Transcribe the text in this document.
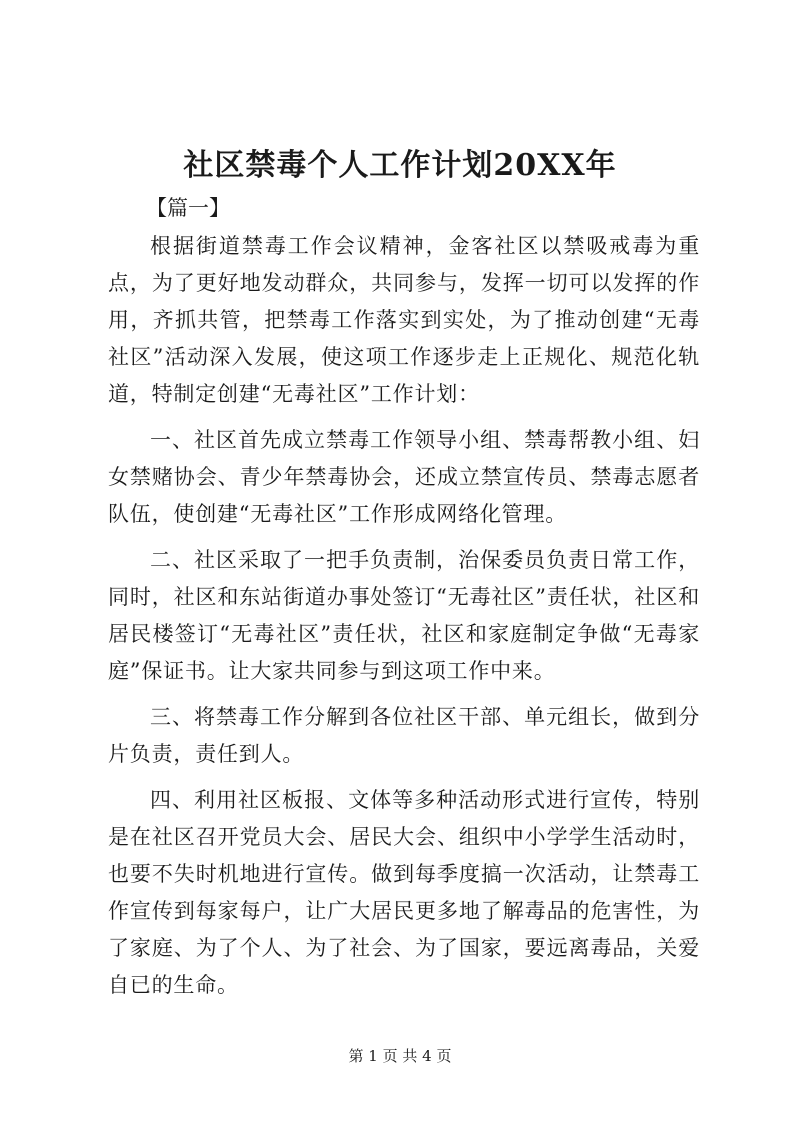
社区禁毒个人工作计划20XX年
【篇一】

根据街道禁毒工作会议精神，金客社区以禁吸戒毒为重点，为了更好地发动群众，共同参与，发挥一切可以发挥的作用，齐抓共管，把禁毒工作落实到实处，为了推动创建“无毒社区”活动深入发展，使这项工作逐步走上正规化、规范化轨道，特制定创建“无毒社区”工作计划：

一、社区首先成立禁毒工作领导小组、禁毒帮教小组、妇女禁赌协会、青少年禁毒协会，还成立禁宣传员、禁毒志愿者队伍，使创建“无毒社区”工作形成网络化管理。

二、社区采取了一把手负责制，治保委员负责日常工作，同时，社区和东站街道办事处签订“无毒社区”责任状，社区和居民楼签订“无毒社区”责任状，社区和家庭制定争做“无毒家庭”保证书。让大家共同参与到这项工作中来。

三、将禁毒工作分解到各位社区干部、单元组长，做到分片负责，责任到人。

四、利用社区板报、文体等多种活动形式进行宣传，特别是在社区召开党员大会、居民大会、组织中小学学生活动时，也要不失时机地进行宣传。做到每季度搞一次活动，让禁毒工作宣传到每家每户，让广大居民更多地了解毒品的危害性，为了家庭、为了个人、为了社会、为了国家，要远离毒品，关爱自已的生命。

第 1 页 共 4 页
